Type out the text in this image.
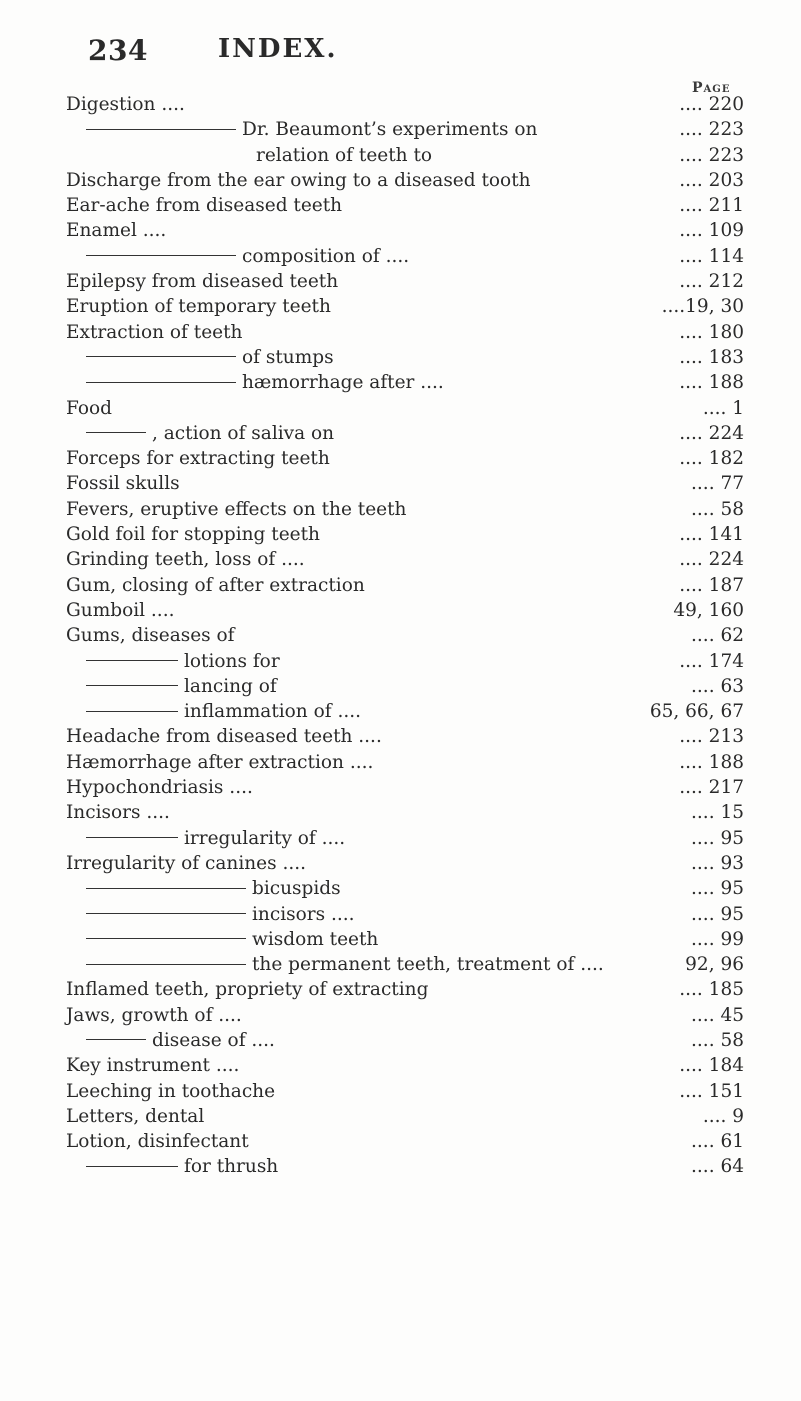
234	INDEX.
Page
Digestion ....	.... 220
Dr. Beaumont’s experiments on	.... 223
relation of teeth to	.... 223
Discharge from the ear owing to a diseased tooth	.... 203
Ear-ache from diseased teeth	.... 211
Enamel ....	.... 109
composition of ....	.... 114
Epilepsy from diseased teeth	.... 212
Eruption of temporary teeth	....19, 30
Extraction of teeth	.... 180
of stumps	.... 183
hæmorrhage after ....	.... 188
Food	.... 1
, action of saliva on	.... 224
Forceps for extracting teeth	.... 182
Fossil skulls	.... 77
Fevers, eruptive effects on the teeth	.... 58
Gold foil for stopping teeth	.... 141
Grinding teeth, loss of ....	.... 224
Gum, closing of after extraction	.... 187
Gumboil ....	49, 160
Gums, diseases of	.... 62
lotions for	.... 174
lancing of	.... 63
inflammation of ....	65, 66, 67
Headache from diseased teeth ....	.... 213
Hæmorrhage after extraction ....	.... 188
Hypochondriasis ....	.... 217
Incisors ....	.... 15
irregularity of ....	.... 95
Irregularity of canines ....	.... 93
bicuspids	.... 95
incisors ....	.... 95
wisdom teeth	.... 99
the permanent teeth, treatment of ....	92, 96
Inflamed teeth, propriety of extracting	.... 185
Jaws, growth of ....	.... 45
disease of ....	.... 58
Key instrument ....	.... 184
Leeching in toothache	.... 151
Letters, dental	.... 9
Lotion, disinfectant	.... 61
for thrush	.... 64
